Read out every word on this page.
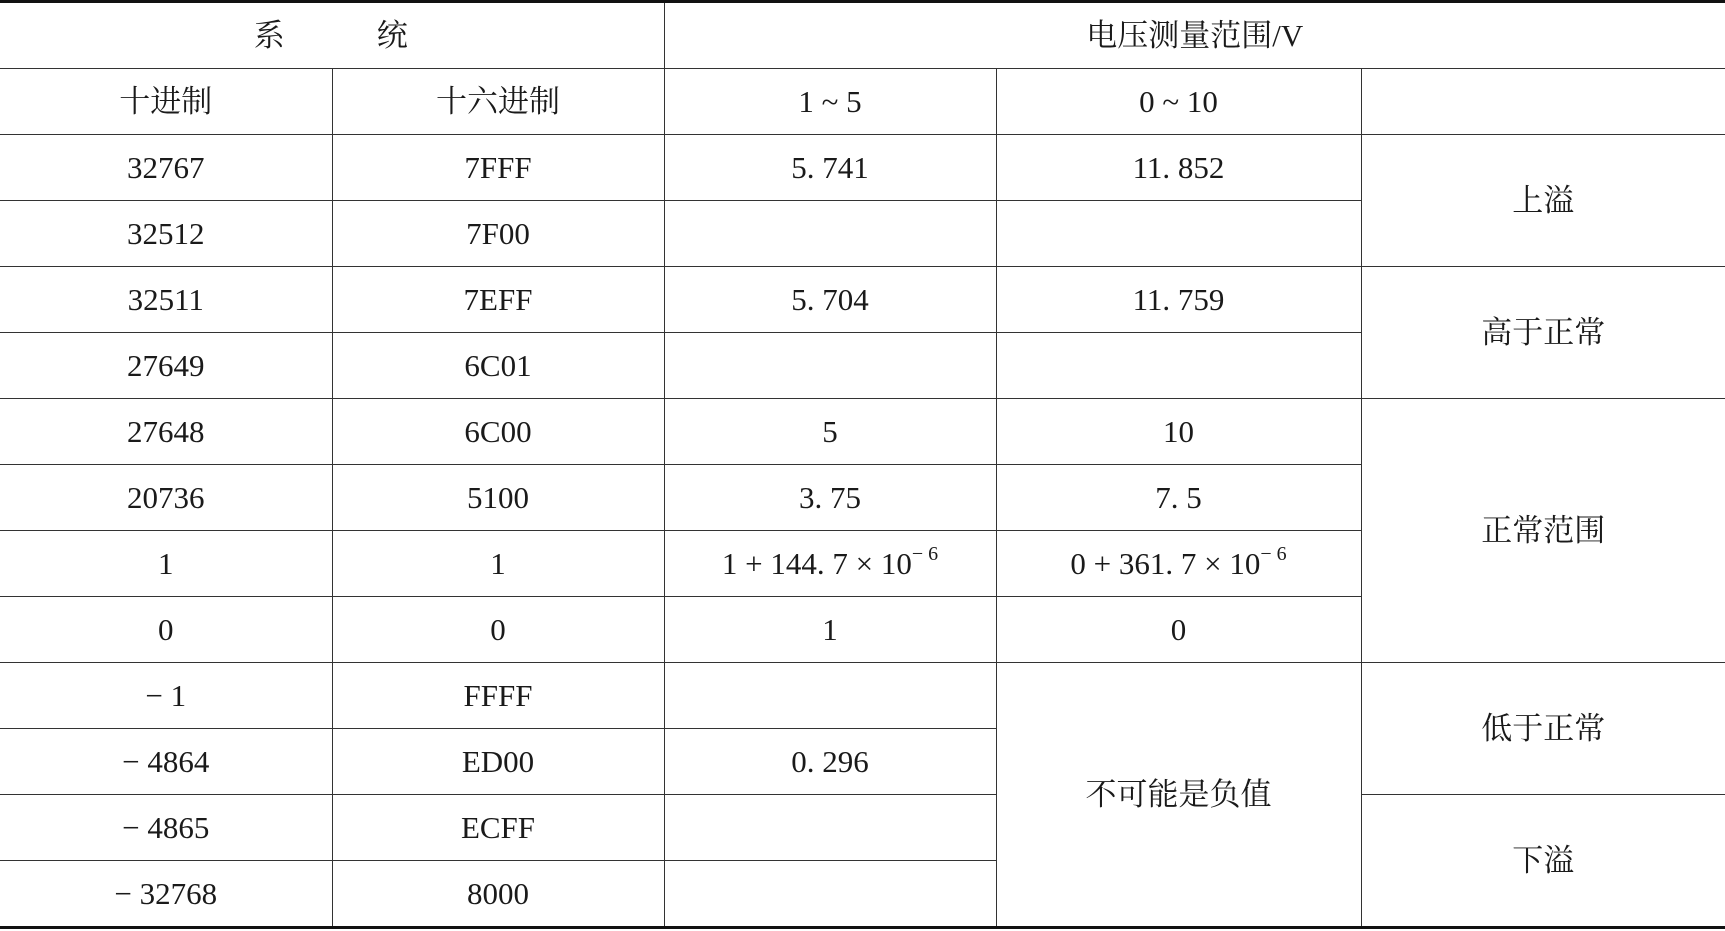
系 统		电压测量范围/V		
十进制	十六进制	1 ~ 5	0 ~ 10	
32767	7FFF	5. 741	11. 852	上溢
32512	7F00			
32511	7EFF	5. 704	11. 759	高于正常
27649	6C01			
27648	6C00	5	10	正常范围
20736	5100	3. 75	7. 5	
1	1	1 + 144. $7 \times 10^{- 6}$	0 + 361. $7 \times 10^{- 6}$
0	0	1	0	
− 1	FFFF		不可能是负值	低于正常
− 4864	ED00	0. 296		
− 4865	ECFF			下溢
− 32768	8000			
